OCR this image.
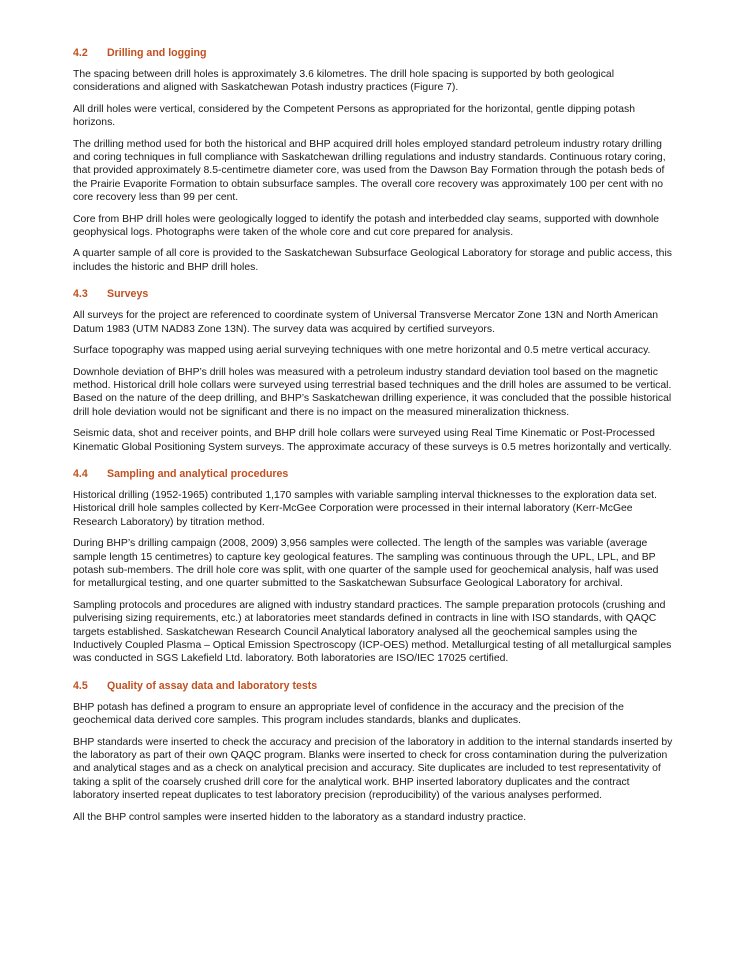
4.2	Drilling and logging

The spacing between drill holes is approximately 3.6 kilometres. The drill hole spacing is supported by both geological considerations and aligned with Saskatchewan Potash industry practices (Figure 7).

All drill holes were vertical, considered by the Competent Persons as appropriated for the horizontal, gentle dipping potash horizons.

The drilling method used for both the historical and BHP acquired drill holes employed standard petroleum industry rotary drilling and coring techniques in full compliance with Saskatchewan drilling regulations and industry standards. Continuous rotary coring, that provided approximately 8.5-centimetre diameter core, was used from the Dawson Bay Formation through the potash beds of the Prairie Evaporite Formation to obtain subsurface samples. The overall core recovery was approximately 100 per cent with no core recovery less than 99 per cent.

Core from BHP drill holes were geologically logged to identify the potash and interbedded clay seams, supported with downhole geophysical logs. Photographs were taken of the whole core and cut core prepared for analysis.

A quarter sample of all core is provided to the Saskatchewan Subsurface Geological Laboratory for storage and public access, this includes the historic and BHP drill holes.

4.3	Surveys

All surveys for the project are referenced to coordinate system of Universal Transverse Mercator Zone 13N and North American Datum 1983 (UTM NAD83 Zone 13N). The survey data was acquired by certified surveyors.

Surface topography was mapped using aerial surveying techniques with one metre horizontal and 0.5 metre vertical accuracy.

Downhole deviation of BHP’s drill holes was measured with a petroleum industry standard deviation tool based on the magnetic method. Historical drill hole collars were surveyed using terrestrial based techniques and the drill holes are assumed to be vertical. Based on the nature of the deep drilling, and BHP’s Saskatchewan drilling experience, it was concluded that the possible historical drill hole deviation would not be significant and there is no impact on the measured mineralization thickness.

Seismic data, shot and receiver points, and BHP drill hole collars were surveyed using Real Time Kinematic or Post-Processed Kinematic Global Positioning System surveys. The approximate accuracy of these surveys is 0.5 metres horizontally and vertically.

4.4	Sampling and analytical procedures

Historical drilling (1952-1965) contributed 1,170 samples with variable sampling interval thicknesses to the exploration data set. Historical drill hole samples collected by Kerr-McGee Corporation were processed in their internal laboratory (Kerr-McGee Research Laboratory) by titration method.

During BHP’s drilling campaign (2008, 2009) 3,956 samples were collected. The length of the samples was variable (average sample length 15 centimetres) to capture key geological features. The sampling was continuous through the UPL, LPL, and BP potash sub-members. The drill hole core was split, with one quarter of the sample used for geochemical analysis, half was used for metallurgical testing, and one quarter submitted to the Saskatchewan Subsurface Geological Laboratory for archival.

Sampling protocols and procedures are aligned with industry standard practices. The sample preparation protocols (crushing and pulverising sizing requirements, etc.) at laboratories meet standards defined in contracts in line with ISO standards, with QAQC targets established. Saskatchewan Research Council Analytical laboratory analysed all the geochemical samples using the Inductively Coupled Plasma – Optical Emission Spectroscopy (ICP-OES) method. Metallurgical testing of all metallurgical samples was conducted in SGS Lakefield Ltd. laboratory. Both laboratories are ISO/IEC 17025 certified.

4.5	Quality of assay data and laboratory tests

BHP potash has defined a program to ensure an appropriate level of confidence in the accuracy and the precision of the geochemical data derived core samples. This program includes standards, blanks and duplicates.

BHP standards were inserted to check the accuracy and precision of the laboratory in addition to the internal standards inserted by the laboratory as part of their own QAQC program. Blanks were inserted to check for cross contamination during the pulverization and analytical stages and as a check on analytical precision and accuracy. Site duplicates are included to test representativity of taking a split of the coarsely crushed drill core for the analytical work. BHP inserted laboratory duplicates and the contract laboratory inserted repeat duplicates to test laboratory precision (reproducibility) of the various analyses performed.

All the BHP control samples were inserted hidden to the laboratory as a standard industry practice.
